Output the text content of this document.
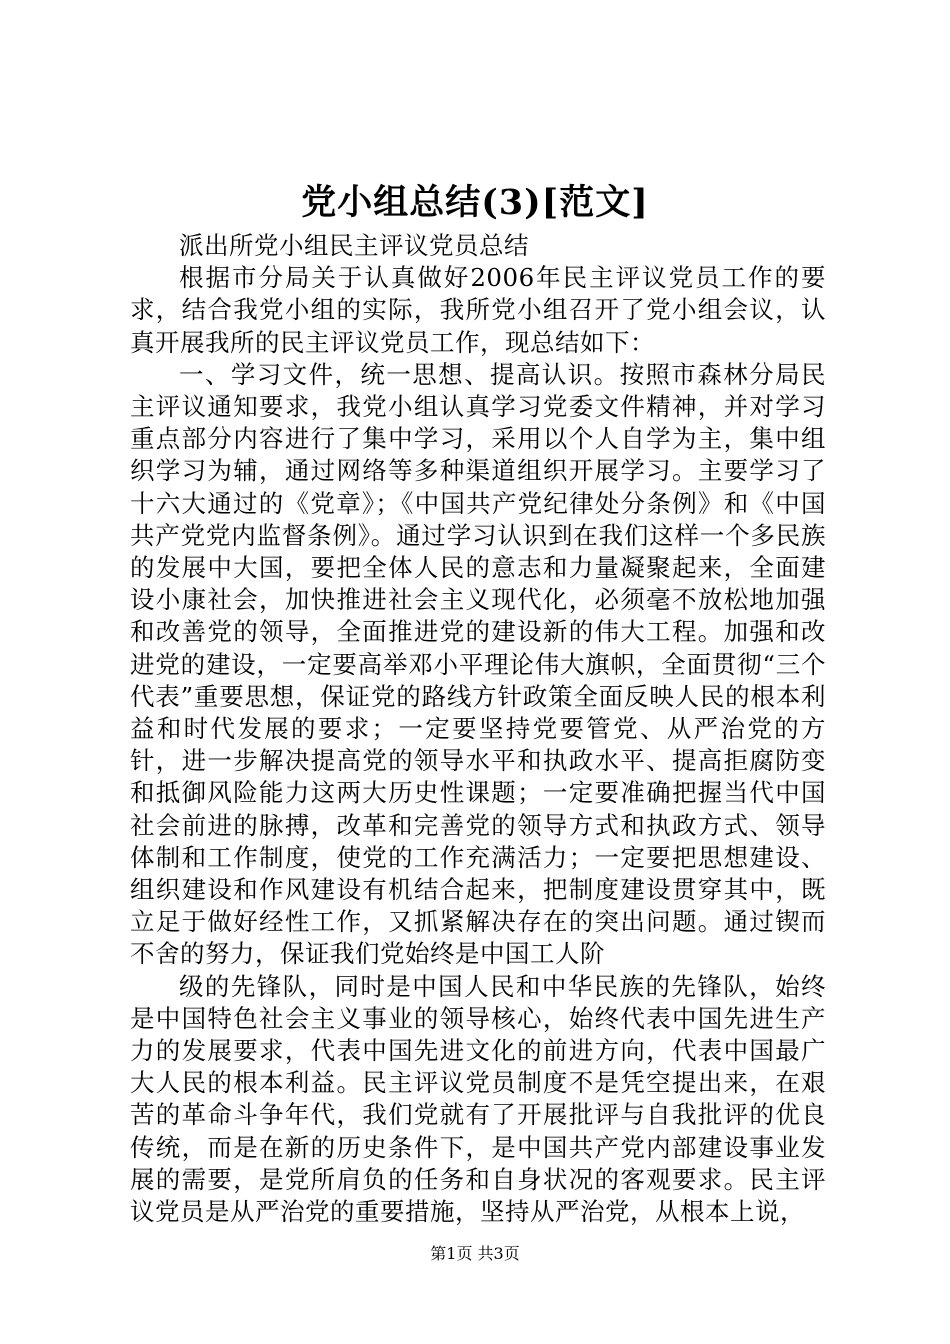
党小组总结(3)[范文]

派出所党小组民主评议党员总结

根据市分局关于认真做好2006年民主评议党员工作的要求，结合我党小组的实际，我所党小组召开了党小组会议，认真开展我所的民主评议党员工作，现总结如下：

一、学习文件，统一思想、提高认识。按照市森林分局民主评议通知要求，我党小组认真学习党委文件精神，并对学习重点部分内容进行了集中学习，采用以个人自学为主，集中组织学习为辅，通过网络等多种渠道组织开展学习。主要学习了十六大通过的《党章》；《中国共产党纪律处分条例》和《中国共产党党内监督条例》。通过学习认识到在我们这样一个多民族的发展中大国，要把全体人民的意志和力量凝聚起来，全面建设小康社会，加快推进社会主义现代化，必须毫不放松地加强和改善党的领导，全面推进党的建设新的伟大工程。加强和改进党的建设，一定要高举邓小平理论伟大旗帜，全面贯彻“三个代表”重要思想，保证党的路线方针政策全面反映人民的根本利益和时代发展的要求；一定要坚持党要管党、从严治党的方针，进一步解决提高党的领导水平和执政水平、提高拒腐防变和抵御风险能力这两大历史性课题；一定要准确把握当代中国社会前进的脉搏，改革和完善党的领导方式和执政方式、领导体制和工作制度，使党的工作充满活力；一定要把思想建设、组织建设和作风建设有机结合起来，把制度建设贯穿其中，既立足于做好经性工作，又抓紧解决存在的突出问题。通过锲而不舍的努力，保证我们党始终是中国工人阶

级的先锋队，同时是中国人民和中华民族的先锋队，始终是中国特色社会主义事业的领导核心，始终代表中国先进生产力的发展要求，代表中国先进文化的前进方向，代表中国最广大人民的根本利益。民主评议党员制度不是凭空提出来，在艰苦的革命斗争年代，我们党就有了开展批评与自我批评的优良传统，而是在新的历史条件下，是中国共产党内部建设事业发展的需要，是党所肩负的任务和自身状况的客观要求。民主评议党员是从严治党的重要措施，坚持从严治党，从根本上说，

第1页 共3页
